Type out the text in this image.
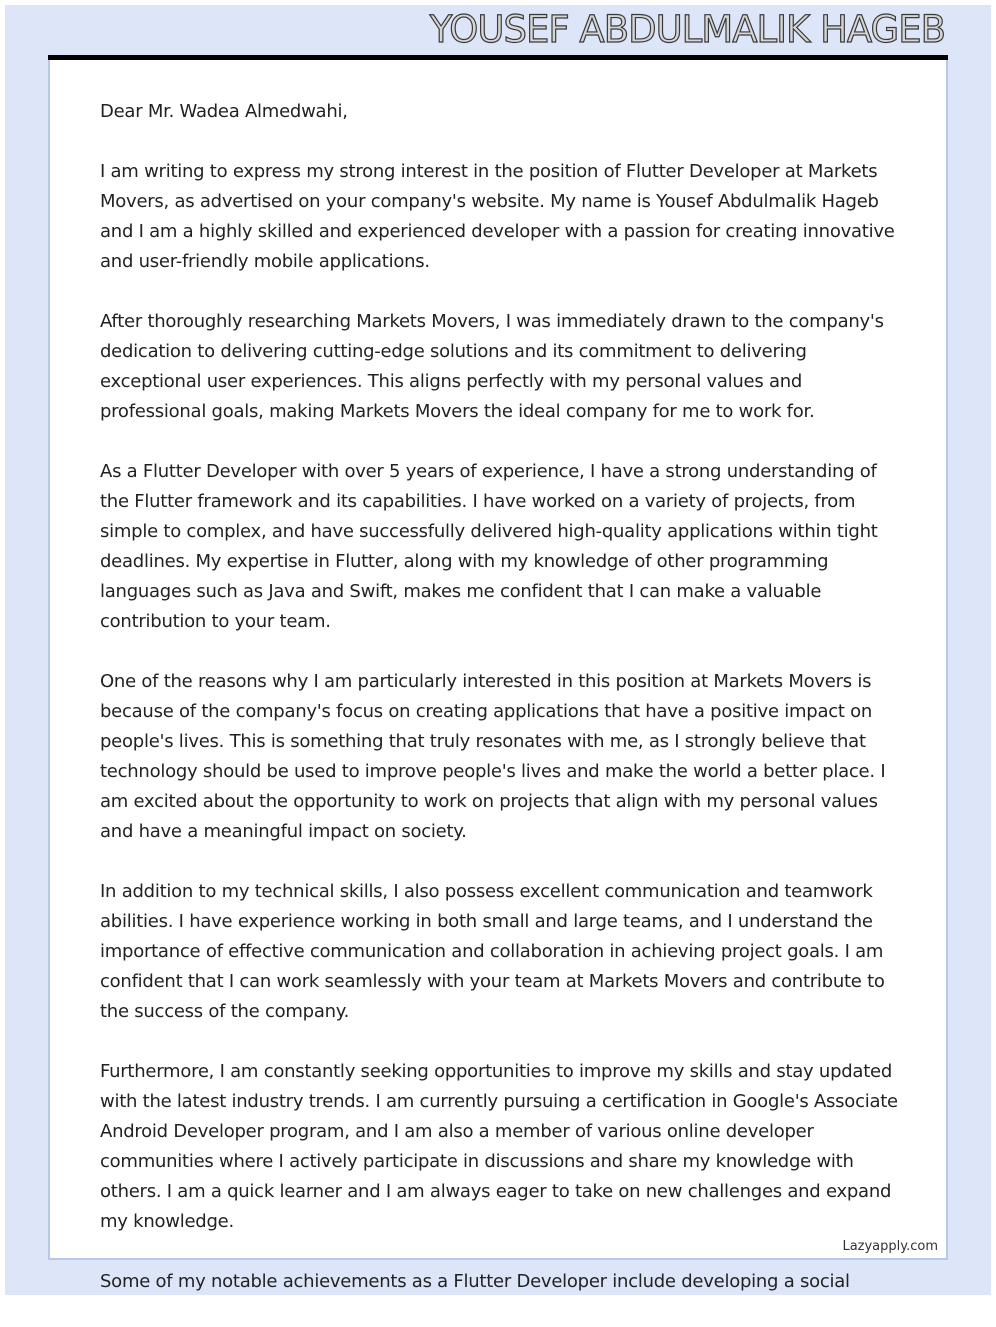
YOUSEF ABDULMALIK HAGEB
Lazyapply.com

Dear Mr. Wadea Almedwahi,

I am writing to express my strong interest in the position of Flutter Developer at Markets Movers, as advertised on your company's website. My name is Yousef Abdulmalik Hageb and I am a highly skilled and experienced developer with a passion for creating innovative and user-friendly mobile applications.

After thoroughly researching Markets Movers, I was immediately drawn to the company's dedication to delivering cutting-edge solutions and its commitment to delivering exceptional user experiences. This aligns perfectly with my personal values and professional goals, making Markets Movers the ideal company for me to work for.

As a Flutter Developer with over 5 years of experience, I have a strong understanding of the Flutter framework and its capabilities. I have worked on a variety of projects, from simple to complex, and have successfully delivered high-quality applications within tight deadlines. My expertise in Flutter, along with my knowledge of other programming languages such as Java and Swift, makes me confident that I can make a valuable contribution to your team.

One of the reasons why I am particularly interested in this position at Markets Movers is because of the company's focus on creating applications that have a positive impact on people's lives. This is something that truly resonates with me, as I strongly believe that technology should be used to improve people's lives and make the world a better place. I am excited about the opportunity to work on projects that align with my personal values and have a meaningful impact on society.

In addition to my technical skills, I also possess excellent communication and teamwork abilities. I have experience working in both small and large teams, and I understand the importance of effective communication and collaboration in achieving project goals. I am confident that I can work seamlessly with your team at Markets Movers and contribute to the success of the company.

Furthermore, I am constantly seeking opportunities to improve my skills and stay updated with the latest industry trends. I am currently pursuing a certification in Google's Associate Android Developer program, and I am also a member of various online developer communities where I actively participate in discussions and share my knowledge with others. I am a quick learner and I am always eager to take on new challenges and expand my knowledge.

Some of my notable achievements as a Flutter Developer include developing a social
